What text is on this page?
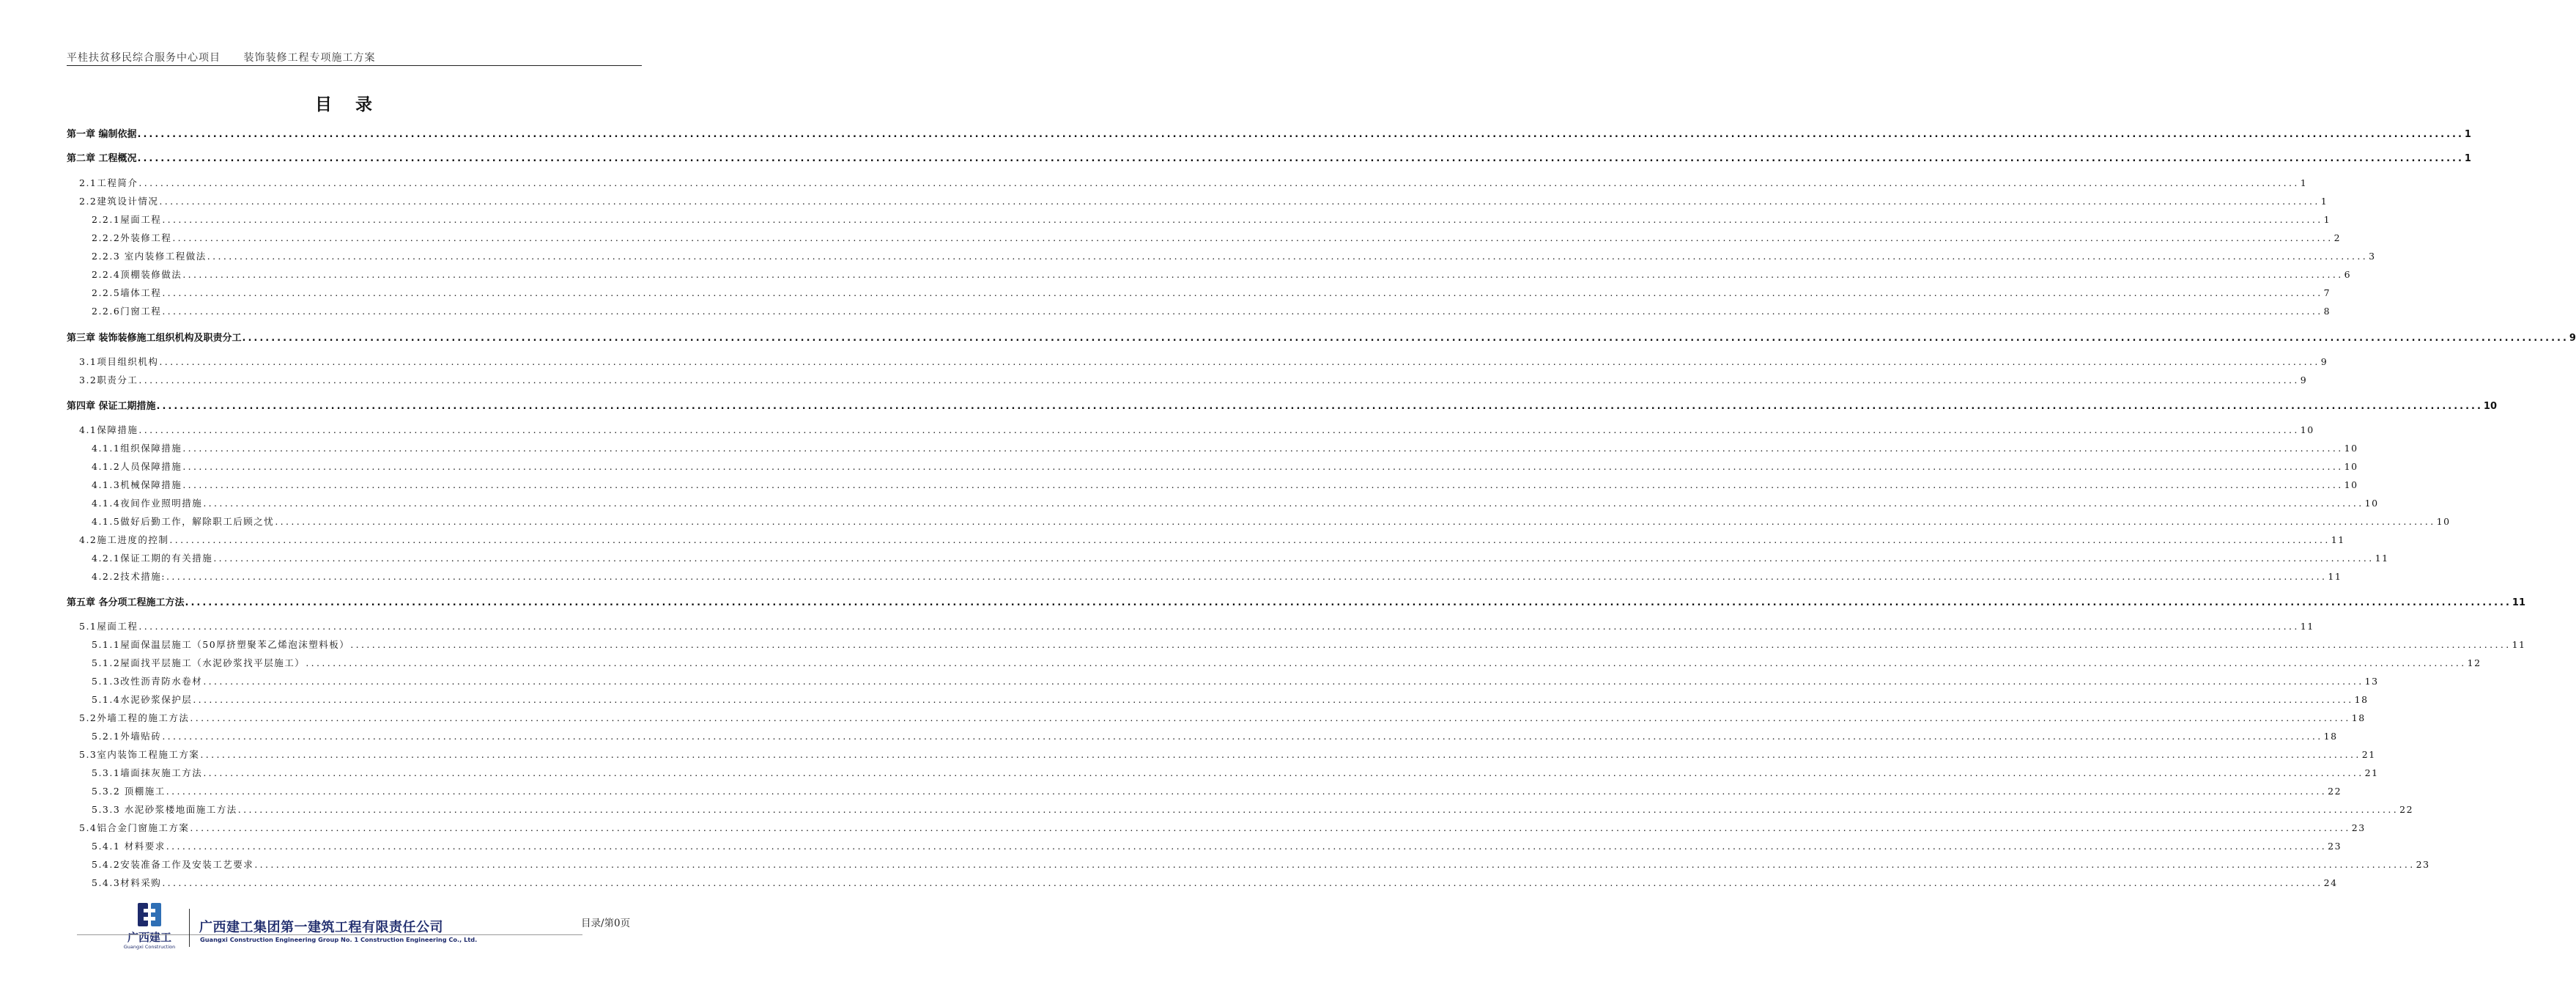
平桂扶贫移民综合服务中心项目 装饰装修工程专项施工方案
目 录
第一章 编制依据 ................................................................................................................................................................................................................................................................................................................................................................................................................ 1
第二章 工程概况 ................................................................................................................................................................................................................................................................................................................................................................................................................ 1
2.1工程简介 ................................................................................................................................................................................................................................................................................................................................................................................................................ 1
2.2建筑设计情况 ................................................................................................................................................................................................................................................................................................................................................................................................................ 1
2.2.1屋面工程 ................................................................................................................................................................................................................................................................................................................................................................................................................ 1
2.2.2外装修工程 ................................................................................................................................................................................................................................................................................................................................................................................................................ 2
2.2.3 室内装修工程做法 ................................................................................................................................................................................................................................................................................................................................................................................................................ 3
2.2.4顶棚装修做法 ................................................................................................................................................................................................................................................................................................................................................................................................................ 6
2.2.5墙体工程 ................................................................................................................................................................................................................................................................................................................................................................................................................ 7
2.2.6门窗工程 ................................................................................................................................................................................................................................................................................................................................................................................................................ 8
第三章 装饰装修施工组织机构及职责分工 ................................................................................................................................................................................................................................................................................................................................................................................................................ 9
3.1项目组织机构 ................................................................................................................................................................................................................................................................................................................................................................................................................ 9
3.2职责分工 ................................................................................................................................................................................................................................................................................................................................................................................................................ 9
第四章 保证工期措施 ................................................................................................................................................................................................................................................................................................................................................................................................................ 10
4.1保障措施 ................................................................................................................................................................................................................................................................................................................................................................................................................ 10
4.1.1组织保障措施 ................................................................................................................................................................................................................................................................................................................................................................................................................ 10
4.1.2人员保障措施 ................................................................................................................................................................................................................................................................................................................................................................................................................ 10
4.1.3机械保障措施 ................................................................................................................................................................................................................................................................................................................................................................................................................ 10
4.1.4夜间作业照明措施 ................................................................................................................................................................................................................................................................................................................................................................................................................ 10
4.1.5做好后勤工作，解除职工后顾之忧 ................................................................................................................................................................................................................................................................................................................................................................................................................ 10
4.2施工进度的控制 ................................................................................................................................................................................................................................................................................................................................................................................................................ 11
4.2.1保证工期的有关措施 ................................................................................................................................................................................................................................................................................................................................................................................................................ 11
4.2.2技术措施: ................................................................................................................................................................................................................................................................................................................................................................................................................ 11
第五章 各分项工程施工方法 ................................................................................................................................................................................................................................................................................................................................................................................................................ 11
5.1屋面工程 ................................................................................................................................................................................................................................................................................................................................................................................................................ 11
5.1.1屋面保温层施工（50厚挤塑聚苯乙烯泡沫塑料板） ................................................................................................................................................................................................................................................................................................................................................................................................................ 11
5.1.2屋面找平层施工（水泥砂浆找平层施工） ................................................................................................................................................................................................................................................................................................................................................................................................................ 12
5.1.3改性沥青防水卷材 ................................................................................................................................................................................................................................................................................................................................................................................................................ 13
5.1.4水泥砂浆保护层 ................................................................................................................................................................................................................................................................................................................................................................................................................ 18
5.2外墙工程的施工方法 ................................................................................................................................................................................................................................................................................................................................................................................................................ 18
5.2.1外墙贴砖 ................................................................................................................................................................................................................................................................................................................................................................................................................ 18
5.3室内装饰工程施工方案 ................................................................................................................................................................................................................................................................................................................................................................................................................ 21
5.3.1墙面抹灰施工方法 ................................................................................................................................................................................................................................................................................................................................................................................................................ 21
5.3.2 顶棚施工 ................................................................................................................................................................................................................................................................................................................................................................................................................ 22
5.3.3 水泥砂浆楼地面施工方法 ................................................................................................................................................................................................................................................................................................................................................................................................................ 22
5.4铝合金门窗施工方案 ................................................................................................................................................................................................................................................................................................................................................................................................................ 23
5.4.1 材料要求 ................................................................................................................................................................................................................................................................................................................................................................................................................ 23
5.4.2安装准备工作及安装工艺要求 ................................................................................................................................................................................................................................................................................................................................................................................................................ 23
5.4.3材料采购 ................................................................................................................................................................................................................................................................................................................................................................................................................ 24
广西建工
Guangxi Construction
广西建工集团第一建筑工程有限责任公司
Guangxi Construction Engineering Group No. 1 Construction Engineering Co., Ltd.
目录/第0页
